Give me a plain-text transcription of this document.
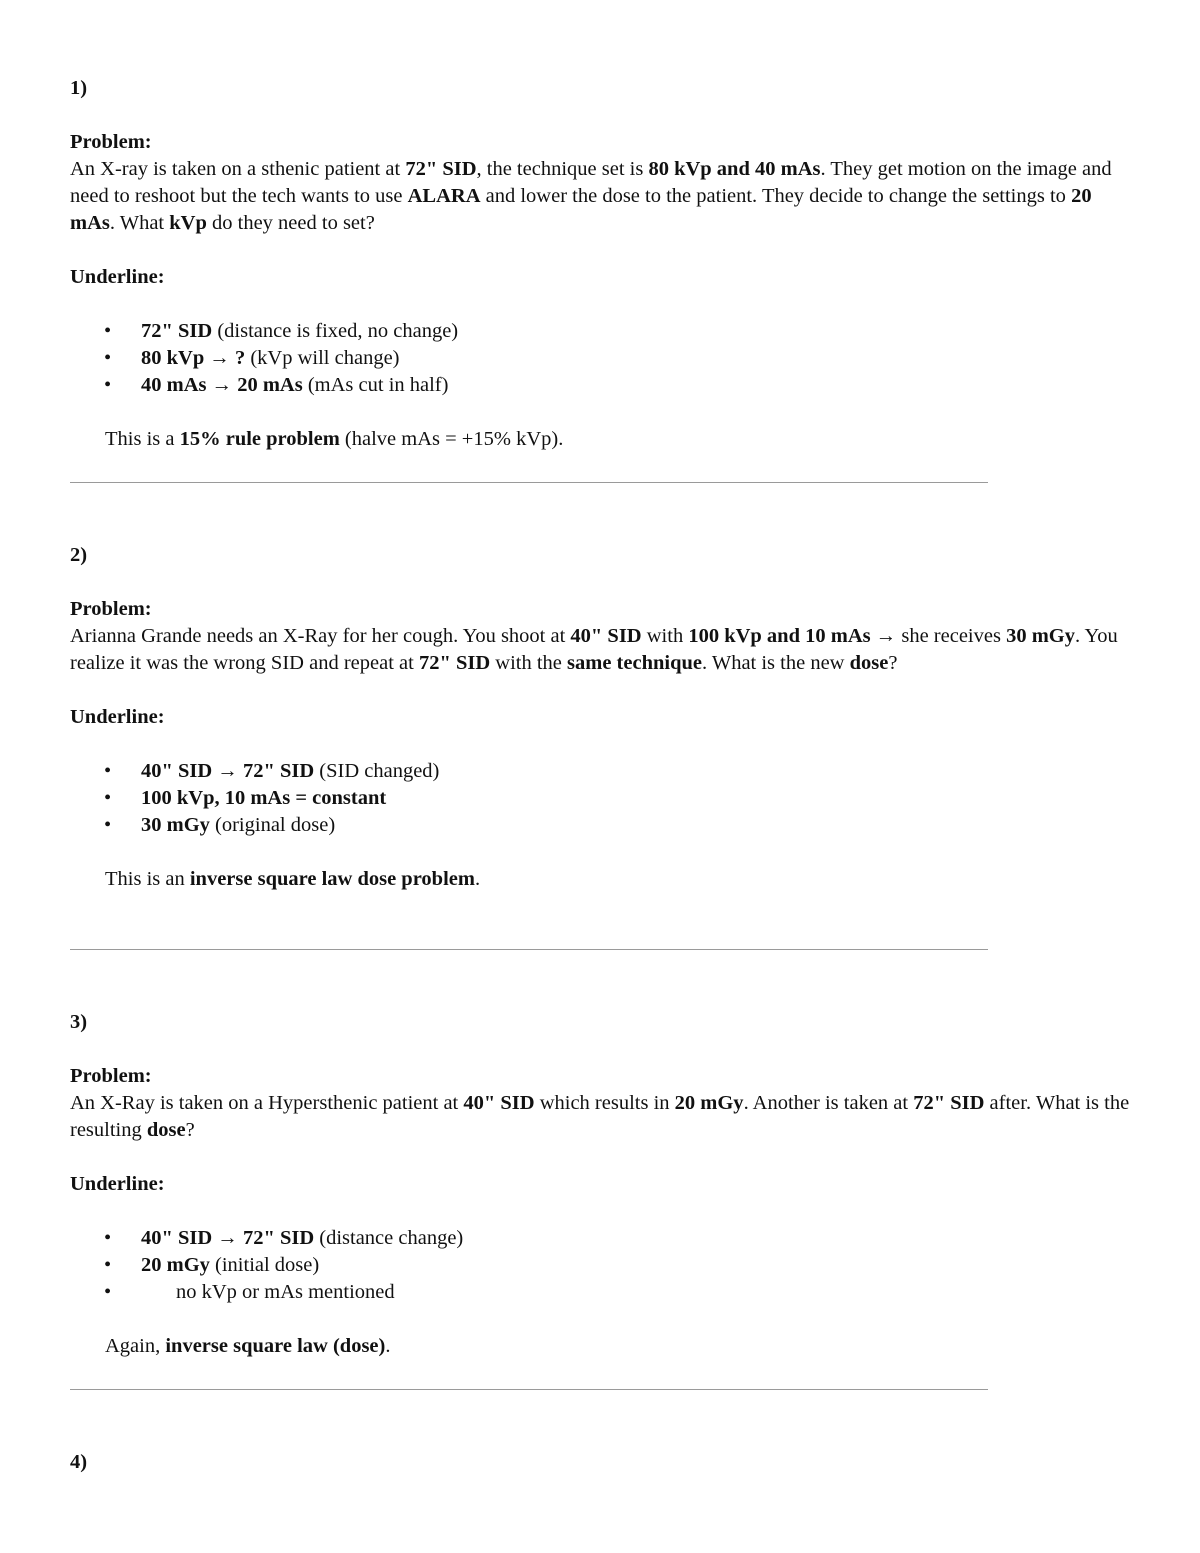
1)

Problem:

An X-ray is taken on a sthenic patient at 72" SID, the technique set is 80 kVp and 40 mAs. They get motion on the image and need to reshoot but the tech wants to use ALARA and lower the dose to the patient. They decide to change the settings to 20 mAs. What kVp do they need to set?

Underline:

• 72" SID (distance is fixed, no change)
• 80 kVp → ? (kVp will change)
• 40 mAs → 20 mAs (mAs cut in half)

This is a 15% rule problem (halve mAs = +15% kVp).

2)

Problem:

Arianna Grande needs an X-Ray for her cough. You shoot at 40" SID with 100 kVp and 10 mAs → she receives 30 mGy. You realize it was the wrong SID and repeat at 72" SID with the same technique. What is the new dose?

Underline:

• 40" SID → 72" SID (SID changed)
• 100 kVp, 10 mAs = constant
• 30 mGy (original dose)

This is an inverse square law dose problem.

3)

Problem:

An X-Ray is taken on a Hypersthenic patient at 40" SID which results in 20 mGy. Another is taken at 72" SID after. What is the resulting dose?

Underline:

• 40" SID → 72" SID (distance change)
• 20 mGy (initial dose)
• no kVp or mAs mentioned

Again, inverse square law (dose).

4)
